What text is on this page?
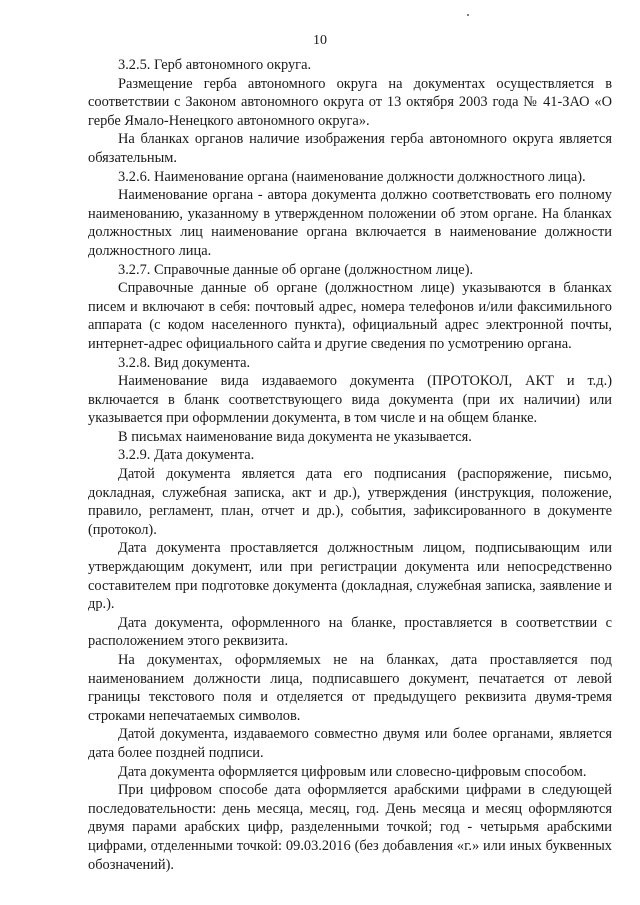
10

3.2.5. Герб автономного округа.

Размещение герба автономного округа на документах осуществляется в соответствии с Законом автономного округа от 13 октября 2003 года № 41-ЗАО «О гербе Ямало-Ненецкого автономного округа».

На бланках органов наличие изображения герба автономного округа является обязательным.

3.2.6. Наименование органа (наименование должности должностного лица).

Наименование органа - автора документа должно соответствовать его полному наименованию, указанному в утвержденном положении об этом органе. На бланках должностных лиц наименование органа включается в наименование должности должностного лица.

3.2.7. Справочные данные об органе (должностном лице).

Справочные данные об органе (должностном лице) указываются в бланках писем и включают в себя: почтовый адрес, номера телефонов и/или факсимильного аппарата (с кодом населенного пункта), официальный адрес электронной почты, интернет-адрес официального сайта и другие сведения по усмотрению органа.

3.2.8. Вид документа.

Наименование вида издаваемого документа (ПРОТОКОЛ, АКТ и т.д.) включается в бланк соответствующего вида документа (при их наличии) или указывается при оформлении документа, в том числе и на общем бланке.

В письмах наименование вида документа не указывается.

3.2.9. Дата документа.

Датой документа является дата его подписания (распоряжение, письмо, докладная, служебная записка, акт и др.), утверждения (инструкция, положение, правило, регламент, план, отчет и др.), события, зафиксированного в документе (протокол).

Дата документа проставляется должностным лицом, подписывающим или утверждающим документ, или при регистрации документа или непосредственно составителем при подготовке документа (докладная, служебная записка, заявление и др.).

Дата документа, оформленного на бланке, проставляется в соответствии с расположением этого реквизита.

На документах, оформляемых не на бланках, дата проставляется под наименованием должности лица, подписавшего документ, печатается от левой границы текстового поля и отделяется от предыдущего реквизита двумя-тремя строками непечатаемых символов.

Датой документа, издаваемого совместно двумя или более органами, является дата более поздней подписи.

Дата документа оформляется цифровым или словесно-цифровым способом.

При цифровом способе дата оформляется арабскими цифрами в следующей последовательности: день месяца, месяц, год. День месяца и месяц оформляются двумя парами арабских цифр, разделенными точкой; год - четырьмя арабскими цифрами, отделенными точкой: 09.03.2016 (без добавления «г.» или иных буквенных обозначений).
